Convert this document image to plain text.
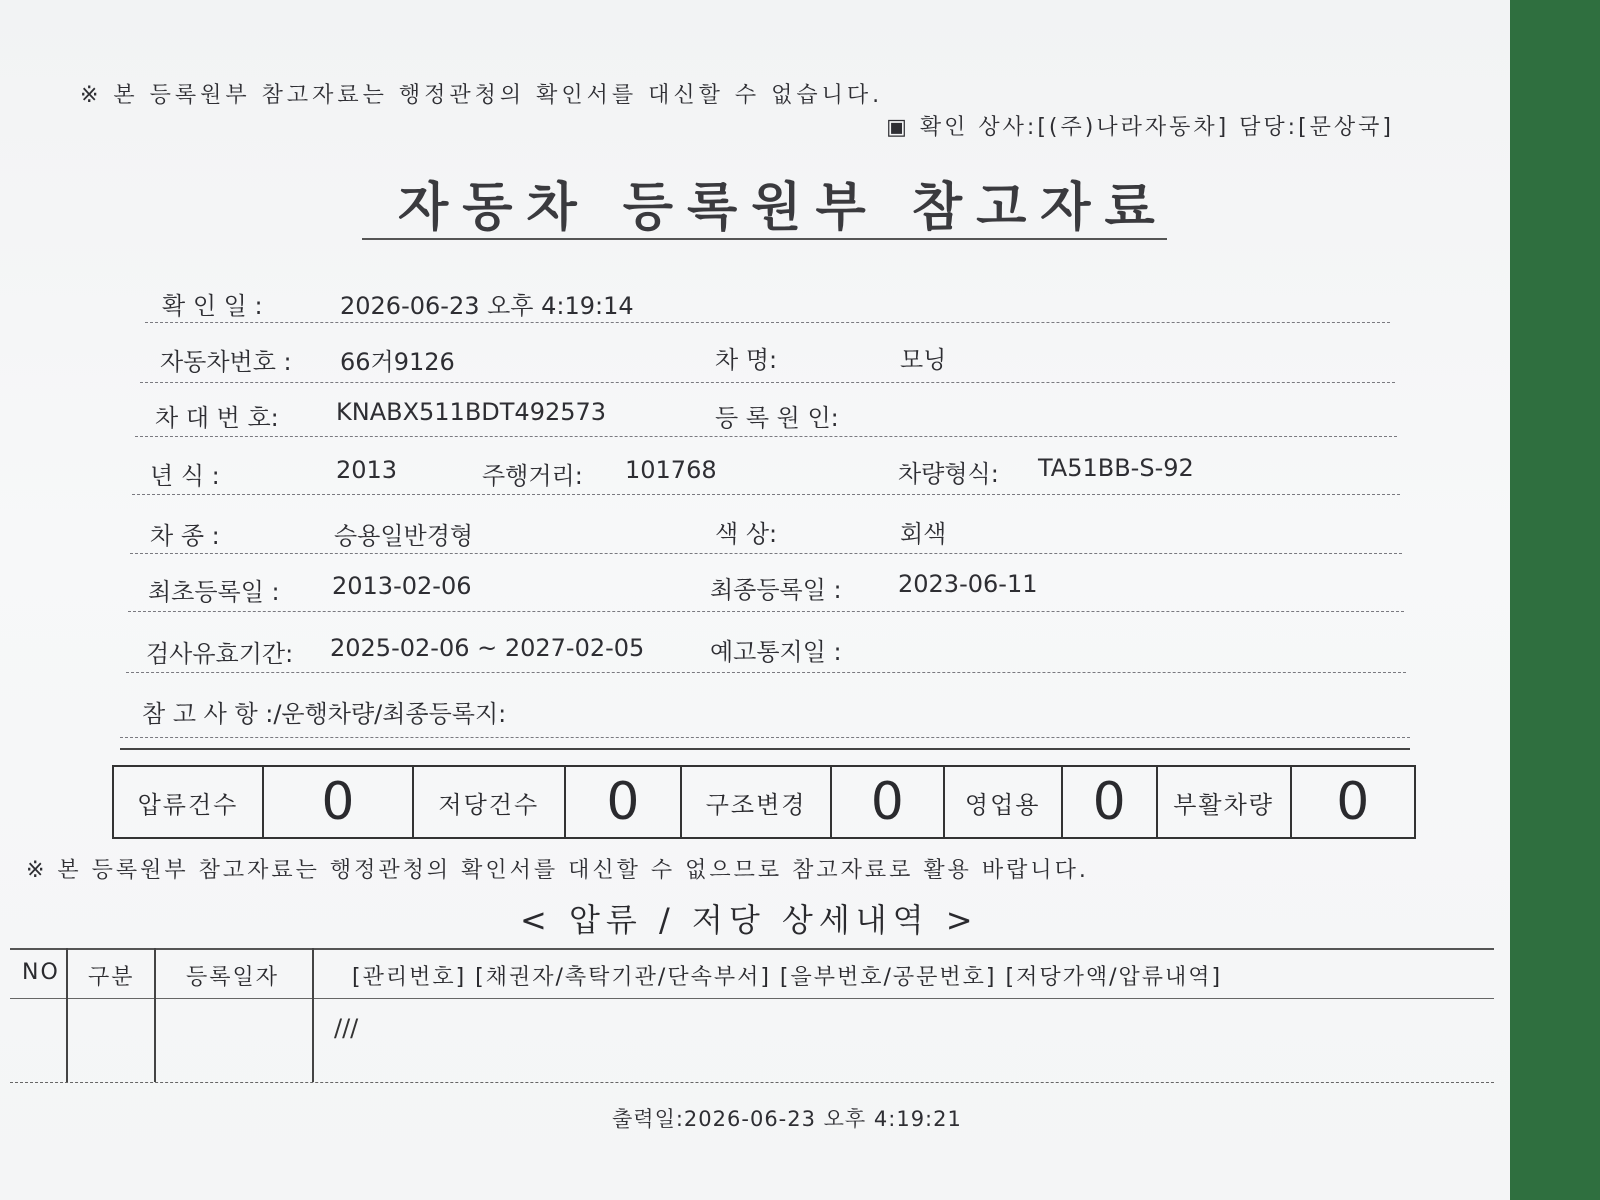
※ 본 등록원부 참고자료는 행정관청의 확인서를 대신할 수 없습니다.
▣ 확인 상사:[(주)나라자동차] 담당:[문상국]
자동차 등록원부 참고자료
확 인 일 :	2026-06-23 오후 4:19:14
자동차번호 : 66거9126	차 명:	모닝
차 대 번 호: KNABX511BDT492573	등 록 원 인:
년 식 :	2013	주행거리: 101768	차량형식: TA51BB-S-92
차 종 :	승용일반경형	색 상:	회색
최초등록일 : 2013-02-06	최종등록일 : 2023-06-11
검사유효기간: 2025-02-06 ~ 2027-02-05	예고통지일 :
참 고 사 항 :/운행차량/최종등록지:
압류건수	0	저당건수	0	구조변경	0	영업용	0	부활차량	0
※ 본 등록원부 참고자료는 행정관청의 확인서를 대신할 수 없으므로 참고자료로 활용 바랍니다.
< 압류 / 저당 상세내역 >
NO 구분 등록일자	[관리번호] [채권자/촉탁기관/단속부서] [을부번호/공문번호] [저당가액/압류내역]
///
출력일:2026-06-23 오후 4:19:21
